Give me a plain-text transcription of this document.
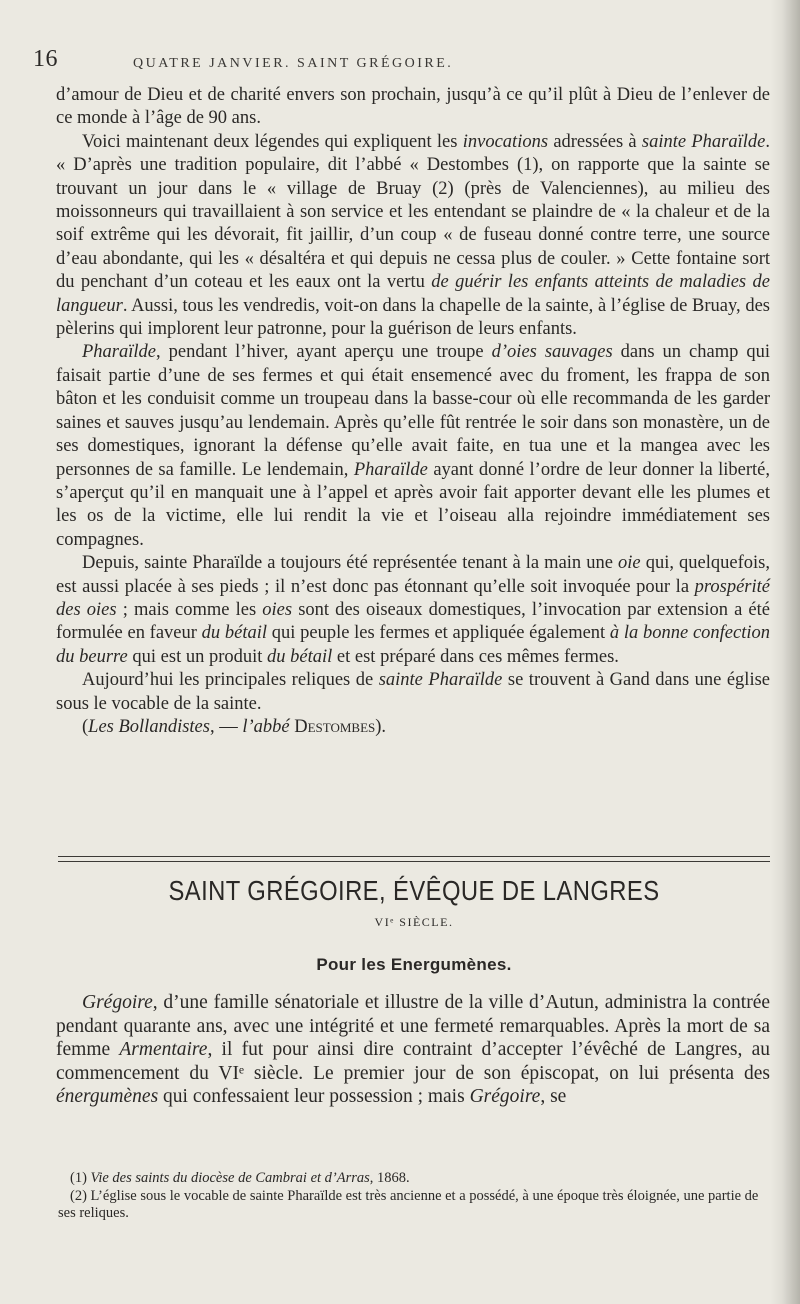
16	QUATRE JANVIER. SAINT GRÉGOIRE.

d’amour de Dieu et de charité envers son prochain, jusqu’à ce qu’il plût à Dieu de l’enlever de ce monde à l’âge de 90 ans.

Voici maintenant deux légendes qui expliquent les invocations adressées à sainte Pharaïlde. « D’après une tradition populaire, dit l’abbé « Destombes (1), on rapporte que la sainte se trouvant un jour dans le « village de Bruay (2) (près de Valenciennes), au milieu des moissonneurs qui travaillaient à son service et les entendant se plaindre de « la chaleur et de la soif extrême qui les dévorait, fit jaillir, d’un coup « de fuseau donné contre terre, une source d’eau abondante, qui les « désaltéra et qui depuis ne cessa plus de couler. » Cette fontaine sort du penchant d’un coteau et les eaux ont la vertu de guérir les enfants atteints de maladies de langueur. Aussi, tous les vendredis, voit-on dans la chapelle de la sainte, à l’église de Bruay, des pèlerins qui implorent leur patronne, pour la guérison de leurs enfants.

Pharaïlde, pendant l’hiver, ayant aperçu une troupe d’oies sauvages dans un champ qui faisait partie d’une de ses fermes et qui était ensemencé avec du froment, les frappa de son bâton et les conduisit comme un troupeau dans la basse-cour où elle recommanda de les garder saines et sauves jusqu’au lendemain. Après qu’elle fût rentrée le soir dans son monastère, un de ses domestiques, ignorant la défense qu’elle avait faite, en tua une et la mangea avec les personnes de sa famille. Le lendemain, Pharaïlde ayant donné l’ordre de leur donner la liberté, s’aperçut qu’il en manquait une à l’appel et après avoir fait apporter devant elle les plumes et les os de la victime, elle lui rendit la vie et l’oiseau alla rejoindre immédiatement ses compagnes.

Depuis, sainte Pharaïlde a toujours été représentée tenant à la main une oie qui, quelquefois, est aussi placée à ses pieds ; il n’est donc pas étonnant qu’elle soit invoquée pour la prospérité des oies ; mais comme les oies sont des oiseaux domestiques, l’invocation par extension a été formulée en faveur du bétail qui peuple les fermes et appliquée également à la bonne confection du beurre qui est un produit du bétail et est préparé dans ces mêmes fermes.

Aujourd’hui les principales reliques de sainte Pharaïlde se trouvent à Gand dans une église sous le vocable de la sainte.

(Les Bollandistes, — l’abbé Destombes).

SAINT GRÉGOIRE, ÉVÊQUE DE LANGRES
VIᵉ SIÈCLE.
Pour les Energumènes.

Grégoire, d’une famille sénatoriale et illustre de la ville d’Autun, administra la contrée pendant quarante ans, avec une intégrité et une fermeté remarquables. Après la mort de sa femme Armentaire, il fut pour ainsi dire contraint d’accepter l’évêché de Langres, au commencement du VIᵉ siècle. Le premier jour de son épiscopat, on lui présenta des énergumènes qui confessaient leur possession ; mais Grégoire, se

(1) Vie des saints du diocèse de Cambrai et d’Arras, 1868.

(2) L’église sous le vocable de sainte Pharaïlde est très ancienne et a possédé, à une époque très éloignée, une partie de ses reliques.
